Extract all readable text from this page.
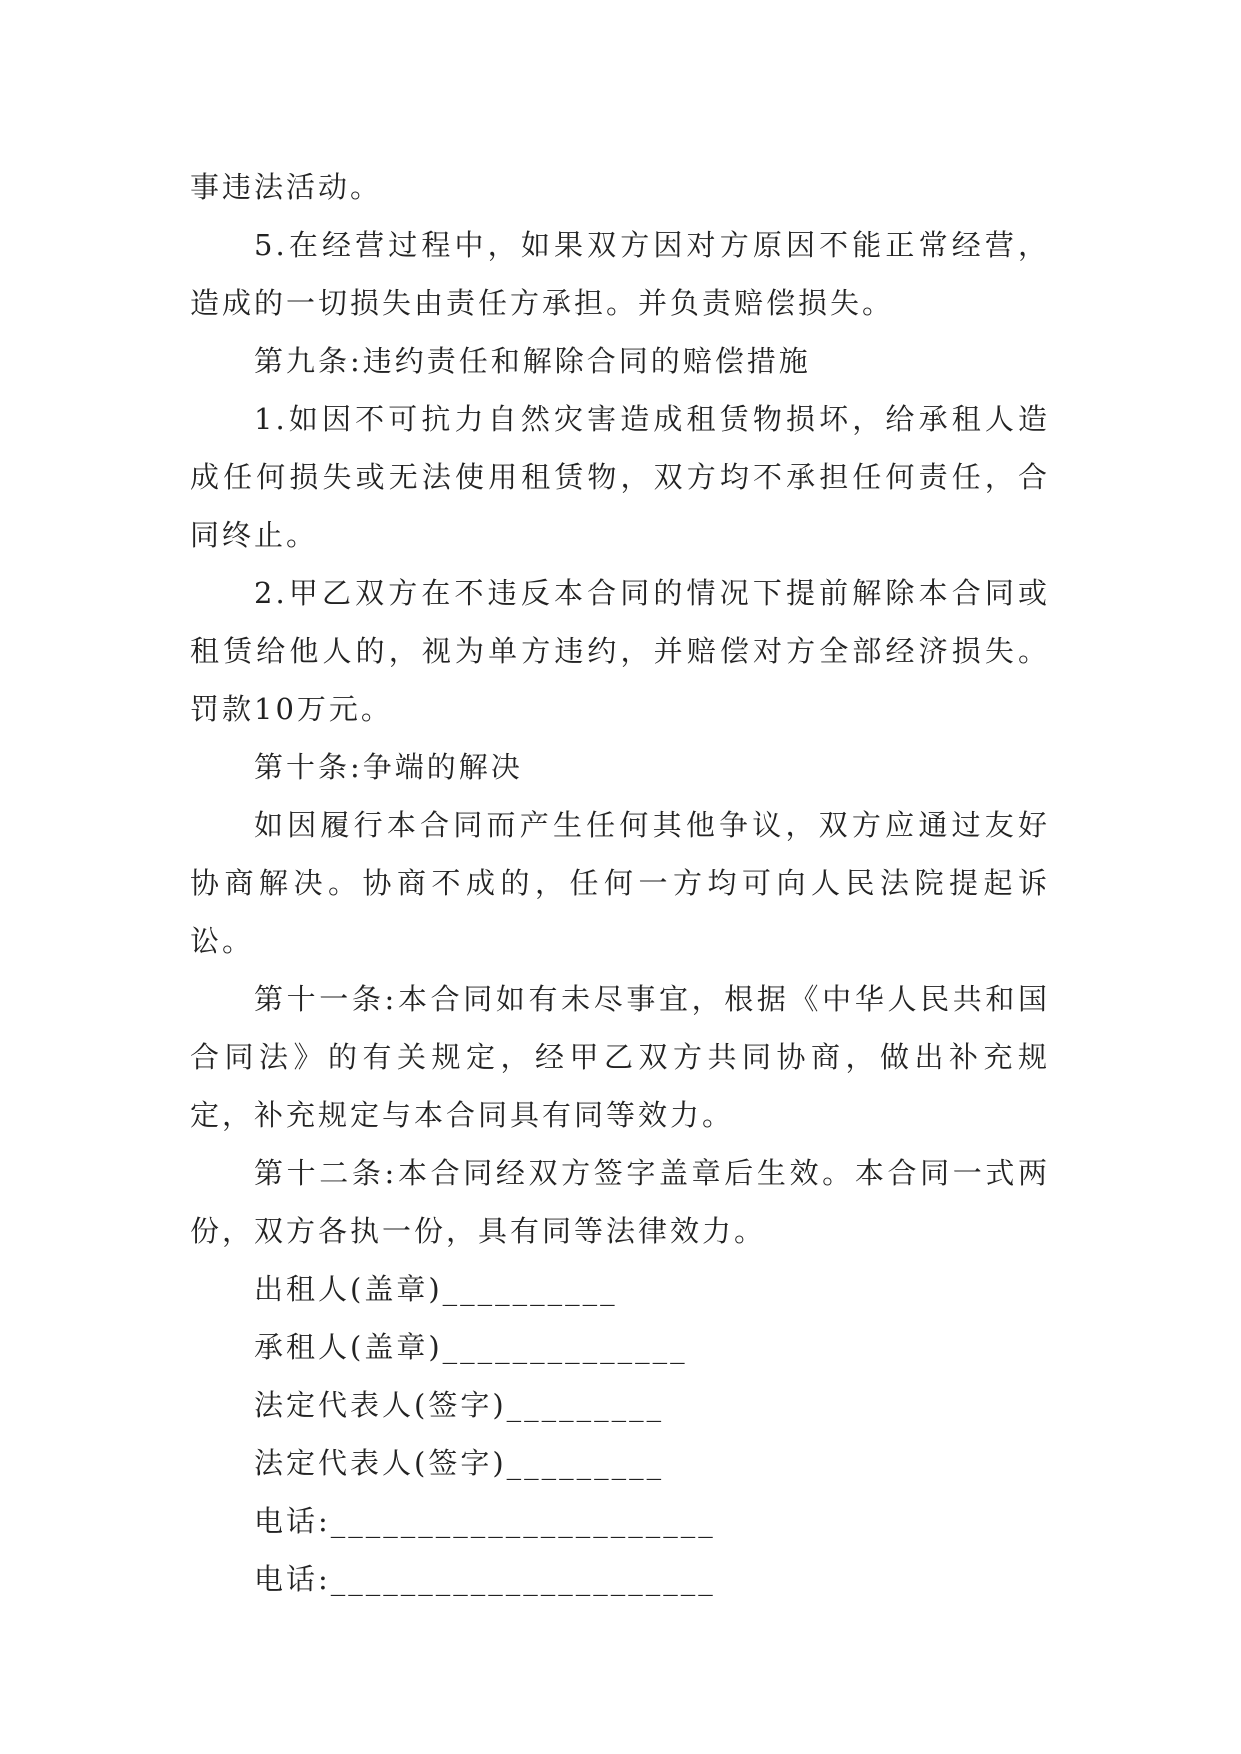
事违法活动。

5.在经营过程中，如果双方因对方原因不能正常经营，造成的一切损失由责任方承担。并负责赔偿损失。

第九条:违约责任和解除合同的赔偿措施

1.如因不可抗力自然灾害造成租赁物损坏，给承租人造成任何损失或无法使用租赁物，双方均不承担任何责任，合同终止。

2.甲乙双方在不违反本合同的情况下提前解除本合同或租赁给他人的，视为单方违约，并赔偿对方全部经济损失。罚款10万元。

第十条:争端的解决

如因履行本合同而产生任何其他争议，双方应通过友好协商解决。协商不成的，任何一方均可向人民法院提起诉讼。

第十一条:本合同如有未尽事宜，根据《中华人民共和国合同法》的有关规定，经甲乙双方共同协商，做出补充规定，补充规定与本合同具有同等效力。

第十二条:本合同经双方签字盖章后生效。本合同一式两份，双方各执一份，具有同等法律效力。

出租人(盖章)__________

承租人(盖章)______________

法定代表人(签字)_________

法定代表人(签字)_________

电话:______________________

电话:______________________
